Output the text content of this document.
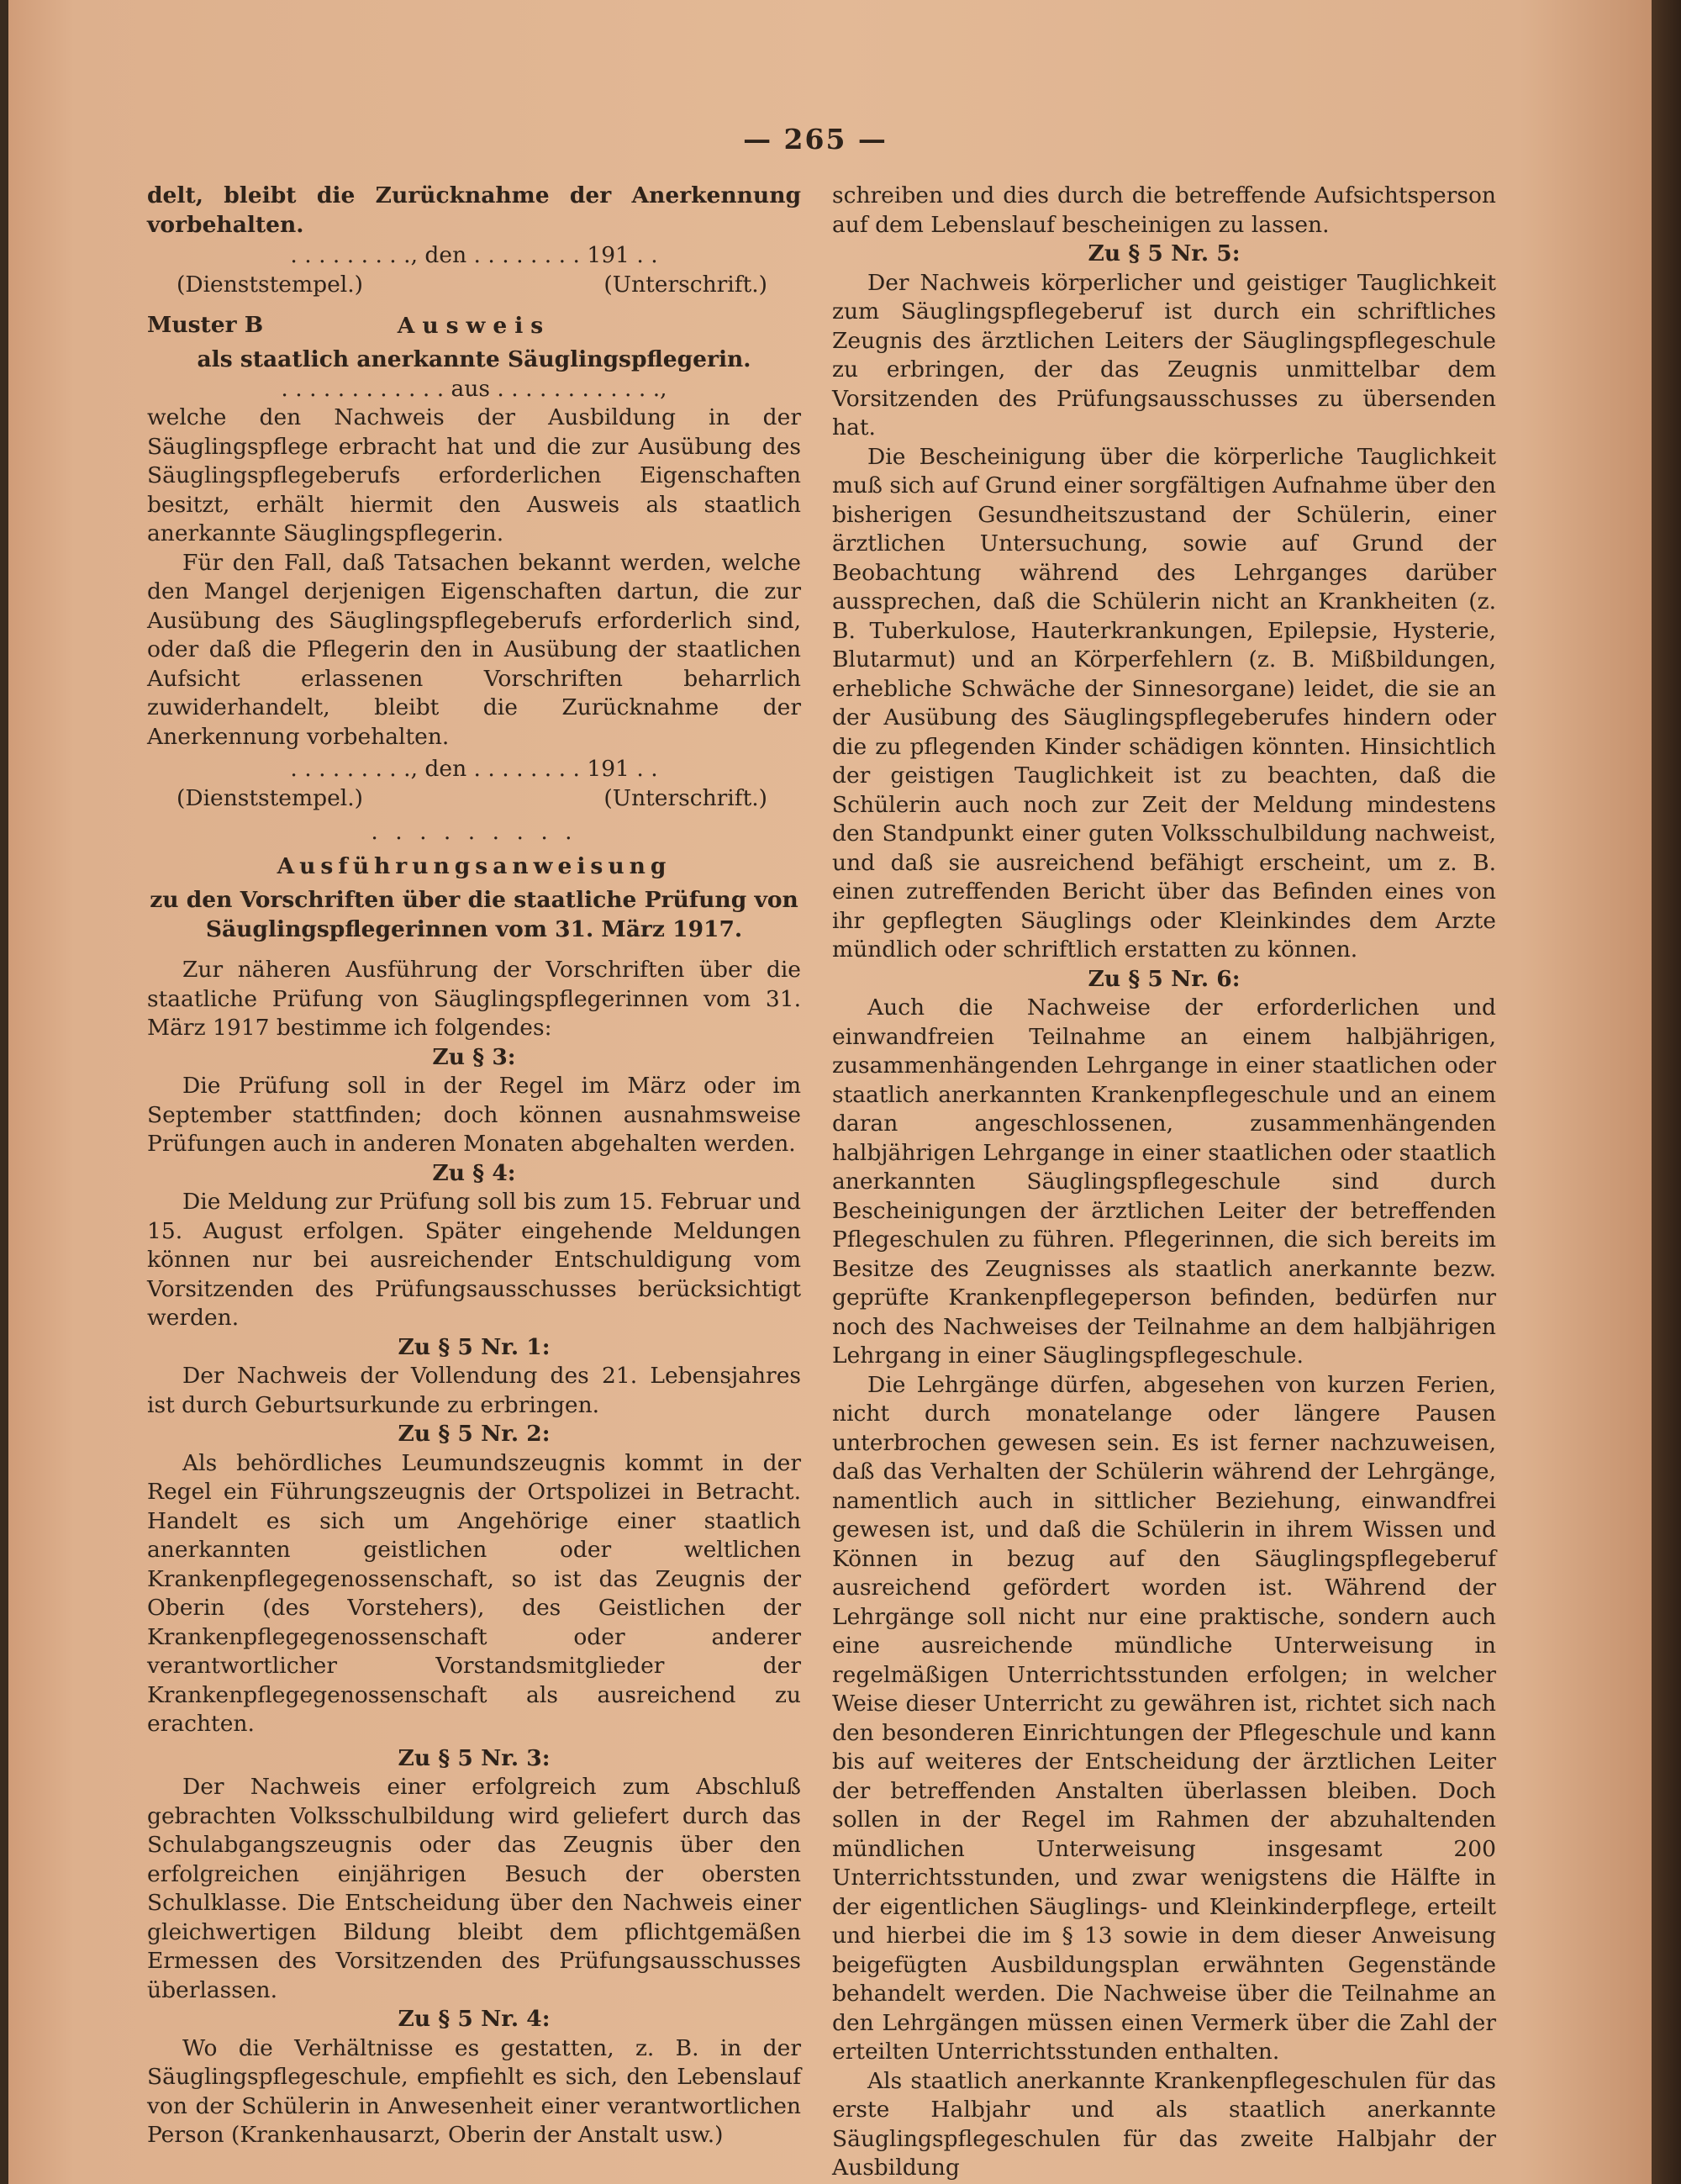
— 265 —

delt, bleibt die Zurücknahme der Anerkennung vorbehalten.

. . . . . . . . ., den . . . . . . . . 191 . .

(Dienststempel.)	(Unterschrift.)

Muster B	Ausweis

als staatlich anerkannte Säuglingspflegerin.

. . . . . . . . . . . . aus . . . . . . . . . . . .,

welche den Nachweis der Ausbildung in der Säuglingspflege erbracht hat und die zur Ausübung des Säuglingspflegeberufs erforderlichen Eigenschaften besitzt, erhält hiermit den Ausweis als staatlich anerkannte Säuglingspflegerin.

Für den Fall, daß Tatsachen bekannt werden, welche den Mangel derjenigen Eigenschaften dartun, die zur Ausübung des Säuglingspflegeberufs erforderlich sind, oder daß die Pflegerin den in Ausübung der staatlichen Aufsicht erlassenen Vorschriften beharrlich zuwiderhandelt, bleibt die Zurücknahme der Anerkennung vorbehalten.

. . . . . . . . ., den . . . . . . . . 191 . .

(Dienststempel.)	(Unterschrift.)

. . . . . . . . .

Ausführungsanweisung

zu den Vorschriften über die staatliche Prüfung von Säuglingspflegerinnen vom 31. März 1917.

Zur näheren Ausführung der Vorschriften über die staatliche Prüfung von Säuglingspflegerinnen vom 31. März 1917 bestimme ich folgendes:

Zu § 3:

Die Prüfung soll in der Regel im März oder im September stattfinden; doch können ausnahmsweise Prüfungen auch in anderen Monaten abgehalten werden.

Zu § 4:

Die Meldung zur Prüfung soll bis zum 15. Februar und 15. August erfolgen. Später eingehende Meldungen können nur bei ausreichender Entschuldigung vom Vorsitzenden des Prüfungsausschusses berücksichtigt werden.

Zu § 5 Nr. 1:

Der Nachweis der Vollendung des 21. Lebensjahres ist durch Geburtsurkunde zu erbringen.

Zu § 5 Nr. 2:

Als behördliches Leumundszeugnis kommt in der Regel ein Führungszeugnis der Ortspolizei in Betracht. Handelt es sich um Angehörige einer staatlich anerkannten geistlichen oder weltlichen Krankenpflegegenossenschaft, so ist das Zeugnis der Oberin (des Vorstehers), des Geistlichen der Krankenpflegegenossenschaft oder anderer verantwortlicher Vorstandsmitglieder der Krankenpflegegenossenschaft als ausreichend zu erachten.

Zu § 5 Nr. 3:

Der Nachweis einer erfolgreich zum Abschluß gebrachten Volksschulbildung wird geliefert durch das Schulabgangszeugnis oder das Zeugnis über den erfolgreichen einjährigen Besuch der obersten Schulklasse. Die Entscheidung über den Nachweis einer gleichwertigen Bildung bleibt dem pflichtgemäßen Ermessen des Vorsitzenden des Prüfungsausschusses überlassen.

Zu § 5 Nr. 4:

Wo die Verhältnisse es gestatten, z. B. in der Säuglingspflegeschule, empfiehlt es sich, den Lebenslauf von der Schülerin in Anwesenheit einer verantwortlichen Person (Krankenhausarzt, Oberin der Anstalt usw.)

schreiben und dies durch die betreffende Aufsichtsperson auf dem Lebenslauf bescheinigen zu lassen.

Zu § 5 Nr. 5:

Der Nachweis körperlicher und geistiger Tauglichkeit zum Säuglingspflegeberuf ist durch ein schriftliches Zeugnis des ärztlichen Leiters der Säuglingspflegeschule zu erbringen, der das Zeugnis unmittelbar dem Vorsitzenden des Prüfungsausschusses zu übersenden hat.

Die Bescheinigung über die körperliche Tauglichkeit muß sich auf Grund einer sorgfältigen Aufnahme über den bisherigen Gesundheitszustand der Schülerin, einer ärztlichen Untersuchung, sowie auf Grund der Beobachtung während des Lehrganges darüber aussprechen, daß die Schülerin nicht an Krankheiten (z. B. Tuberkulose, Hauterkrankungen, Epilepsie, Hysterie, Blutarmut) und an Körperfehlern (z. B. Mißbildungen, erhebliche Schwäche der Sinnesorgane) leidet, die sie an der Ausübung des Säuglingspflegeberufes hindern oder die zu pflegenden Kinder schädigen könnten. Hinsichtlich der geistigen Tauglichkeit ist zu beachten, daß die Schülerin auch noch zur Zeit der Meldung mindestens den Standpunkt einer guten Volksschulbildung nachweist, und daß sie ausreichend befähigt erscheint, um z. B. einen zutreffenden Bericht über das Befinden eines von ihr gepflegten Säuglings oder Kleinkindes dem Arzte mündlich oder schriftlich erstatten zu können.

Zu § 5 Nr. 6:

Auch die Nachweise der erforderlichen und einwandfreien Teilnahme an einem halbjährigen, zusammenhängenden Lehrgange in einer staatlichen oder staatlich anerkannten Krankenpflegeschule und an einem daran angeschlossenen, zusammenhängenden halbjährigen Lehrgange in einer staatlichen oder staatlich anerkannten Säuglingspflegeschule sind durch Bescheinigungen der ärztlichen Leiter der betreffenden Pflegeschulen zu führen. Pflegerinnen, die sich bereits im Besitze des Zeugnisses als staatlich anerkannte bezw. geprüfte Krankenpflegeperson befinden, bedürfen nur noch des Nachweises der Teilnahme an dem halbjährigen Lehrgang in einer Säuglingspflegeschule.

Die Lehrgänge dürfen, abgesehen von kurzen Ferien, nicht durch monatelange oder längere Pausen unterbrochen gewesen sein. Es ist ferner nachzuweisen, daß das Verhalten der Schülerin während der Lehrgänge, namentlich auch in sittlicher Beziehung, einwandfrei gewesen ist, und daß die Schülerin in ihrem Wissen und Können in bezug auf den Säuglingspflegeberuf ausreichend gefördert worden ist. Während der Lehrgänge soll nicht nur eine praktische, sondern auch eine ausreichende mündliche Unterweisung in regelmäßigen Unterrichtsstunden erfolgen; in welcher Weise dieser Unterricht zu gewähren ist, richtet sich nach den besonderen Einrichtungen der Pflegeschule und kann bis auf weiteres der Entscheidung der ärztlichen Leiter der betreffenden Anstalten überlassen bleiben. Doch sollen in der Regel im Rahmen der abzuhaltenden mündlichen Unterweisung insgesamt 200 Unterrichtsstunden, und zwar wenigstens die Hälfte in der eigentlichen Säuglings- und Kleinkinderpflege, erteilt und hierbei die im § 13 sowie in dem dieser Anweisung beigefügten Ausbildungsplan erwähnten Gegenstände behandelt werden. Die Nachweise über die Teilnahme an den Lehrgängen müssen einen Vermerk über die Zahl der erteilten Unterrichtsstunden enthalten.

Als staatlich anerkannte Krankenpflegeschulen für das erste Halbjahr und als staatlich anerkannte Säuglingspflegeschulen für das zweite Halbjahr der Ausbildung
